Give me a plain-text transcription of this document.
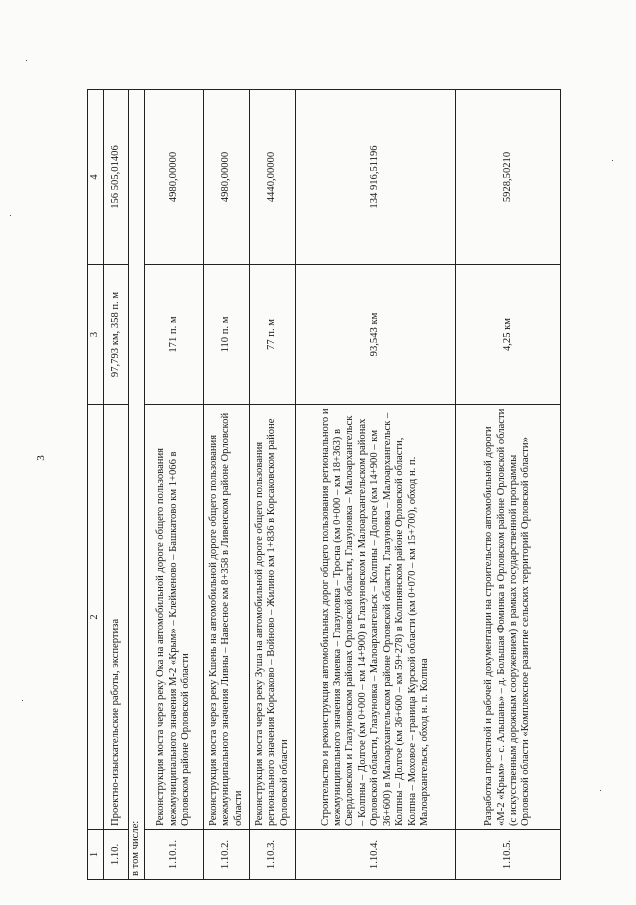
3
1	2	3	4
1.10.	Проектно-изыскательские работы, экспертиза	97,793 км, 358 п. м	156 505,01406
в том числе:			
1.10.1.	Реконструкция моста через реку Ока на автомобильной дороге общего пользования межмуниципального значения М-2 «Крым» – Клейменово – Башкатово км 1+066 в Орловском районе Орловской области	171 п. м	4980,00000
1.10.2.	Реконструкция моста через реку Кшень на автомобильной дороге общего пользования межмуниципального значения Ливны – Навесное км 8+358 в Ливенском районе Орловской области	110 п. м	4980,00000
1.10.3.	Реконструкция моста через реку Зуша на автомобильной дороге общего пользования регионального значения Корсаково – Войново – Жилино км 1+836 в Корсаковском районе Орловской области	77 п. м	4440,00000
1.10.4.	Строительство и реконструкция автомобильных дорог общего пользования регионального и межмуниципального значения Змиевка – Глазуновка – Тросна (км 0+000 – км 18+363) в Свердловском и Глазуновском районах Орловской области, Глазуновка – Малоархангельск – Колпны – Долгое (км 0+000 – км 14+900) в Глазуновском и Малоархангельском районах Орловской области, Глазуновка – Малоархангельск – Колпны – Долгое (км 14+900 – км 36+600) в Малоархангельском районе Орловской области, Глазуновка – Малоархангельск – Колпны – Долгое (км 36+600 – км 59+278) в Колпнянском районе Орловской области, Колпна – Моховое – граница Курской области (км 0+070 – км 15+700), обход н. п. Малоархангельск, обход н. п. Колпна	93,543 км	134 916,51196
1.10.5.	Разработка проектной и рабочей документации на строительство автомобильной дороги «М-2 «Крым» – с. Альшань» – д. Большая Фоминка в Орловском районе Орловской области (с искусственным дорожным сооружением) в рамках государственной программы Орловской области «Комплексное развитие сельских территорий Орловской области»	4,25 км	5928,50210
